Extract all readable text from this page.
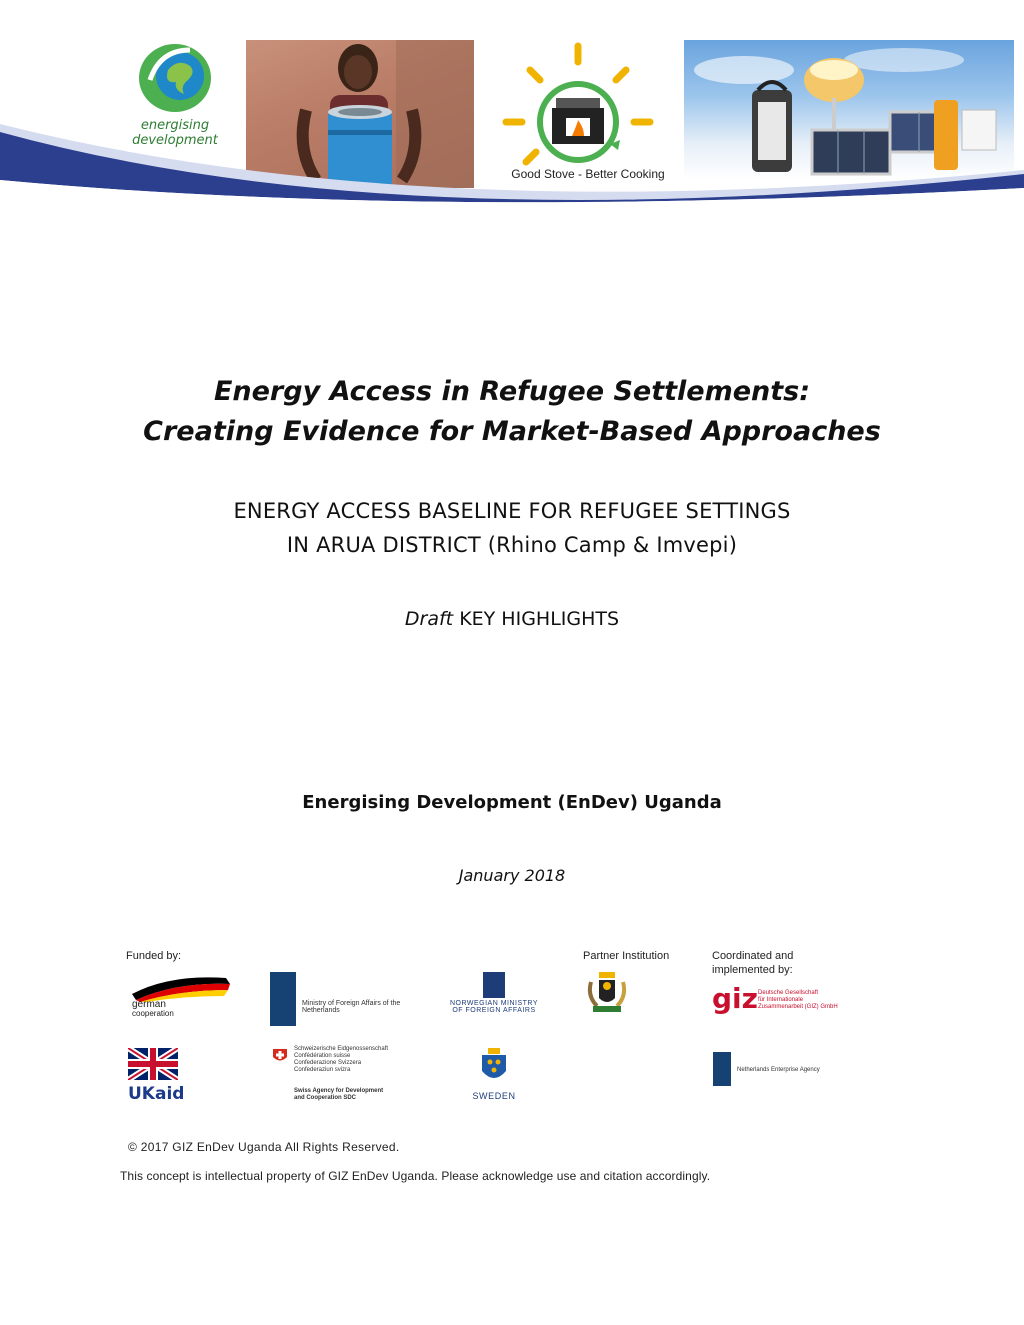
energising
development
Good Stove - Better Cooking
Energy Access in Refugee Settlements:
Creating Evidence for Market-Based Approaches
ENERGY ACCESS BASELINE FOR REFUGEE SETTINGS
IN ARUA DISTRICT (Rhino Camp & Imvepi)
Draft KEY HIGHLIGHTS
Energising Development (EnDev) Uganda
January 2018
Funded by:	Partner Institution	Coordinated and
implemented by:
german
cooperation
Ministry of Foreign Affairs of the
Netherlands
NORWEGIAN MINISTRY
OF FOREIGN AFFAIRS	giz Deutsche Gesellschaft
für Internationale
Zusammenarbeit (GIZ) GmbH
UKaid
Schweizerische Eidgenossenschaft
Confédération suisse
Confederazione Svizzera
Confederaziun svizra
Swiss Agency for Development and Cooperation SDC	SWEDEN
Netherlands Enterprise Agency
© 2017 GIZ EnDev Uganda All Rights Reserved.
This concept is intellectual property of GIZ EnDev Uganda. Please acknowledge use and citation accordingly.
